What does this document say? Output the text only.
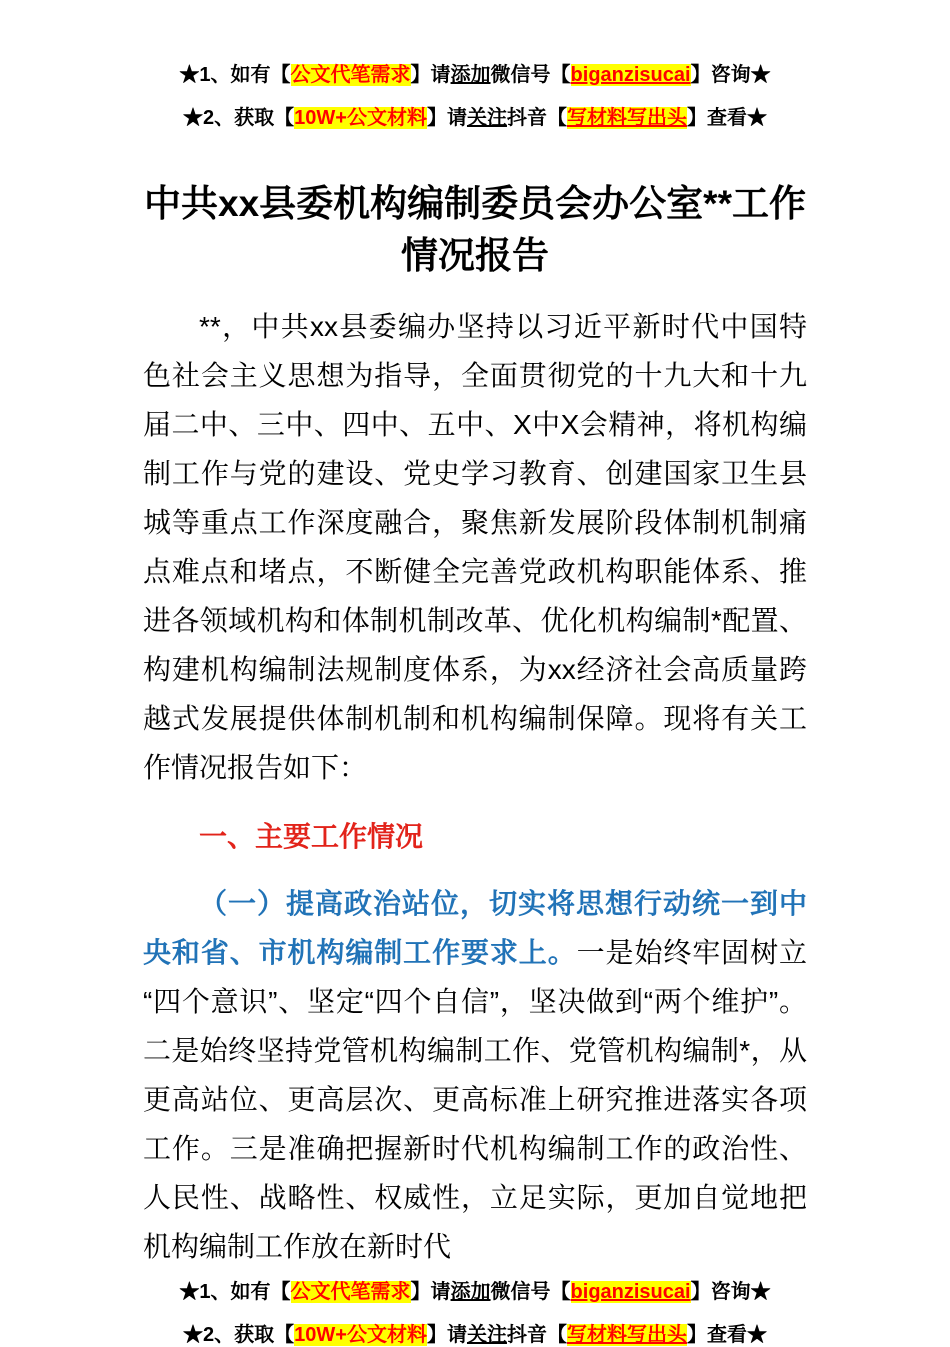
★1、如有【公文代笔需求】请添加微信号【biganzisucai】咨询★

★2、获取【10W+公文材料】请关注抖音【写材料写出头】查看★

中共xx县委机构编制委员会办公室**工作
情况报告

**，中共xx县委编办坚持以习近平新时代中国特色社会主义思想为指导，全面贯彻党的十九大和十九届二中、三中、四中、五中、X中X会精神，将机构编制工作与党的建设、党史学习教育、创建国家卫生县城等重点工作深度融合，聚焦新发展阶段体制机制痛点难点和堵点，不断健全完善党政机构职能体系、推进各领域机构和体制机制改革、优化机构编制*配置、构建机构编制法规制度体系，为xx经济社会高质量跨越式发展提供体制机制和机构编制保障。现将有关工作情况报告如下：

一、主要工作情况

（一）提高政治站位，切实将思想行动统一到中央和省、市机构编制工作要求上。一是始终牢固树立“四个意识”、坚定“四个自信”，坚决做到“两个维护”。二是始终坚持党管机构编制工作、党管机构编制*，从更高站位、更高层次、更高标准上研究推进落实各项工作。三是准确把握新时代机构编制工作的政治性、人民性、战略性、权威性，立足实际，更加自觉地把机构编制工作放在新时代

★1、如有【公文代笔需求】请添加微信号【biganzisucai】咨询★

★2、获取【10W+公文材料】请关注抖音【写材料写出头】查看★
